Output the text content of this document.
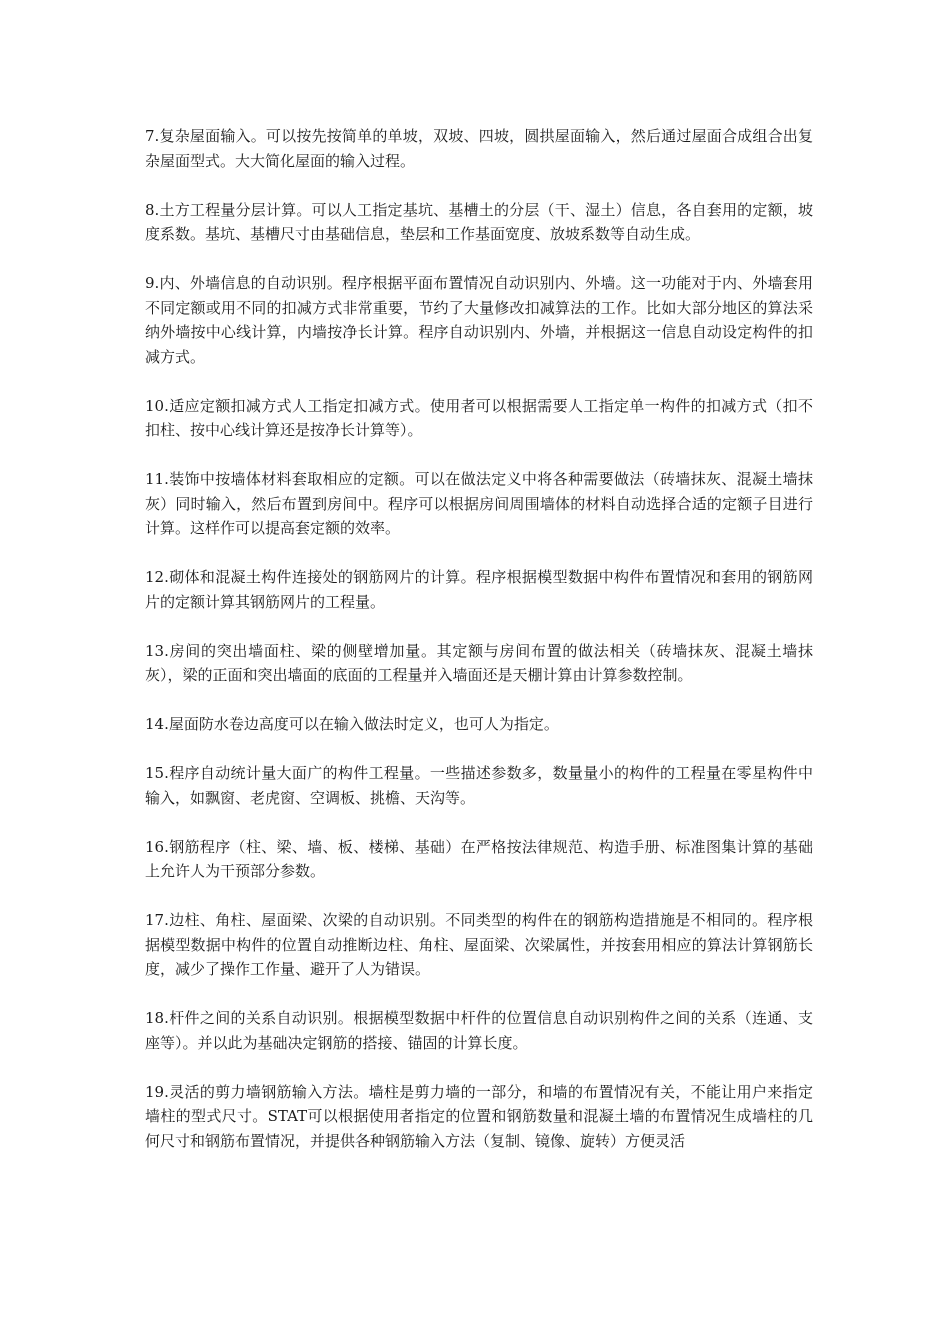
7.复杂屋面输入。可以按先按简单的单坡，双坡、四坡，圆拱屋面输入，然后通过屋面合成组合出复杂屋面型式。大大简化屋面的输入过程。

8.土方工程量分层计算。可以人工指定基坑、基槽土的分层（干、湿土）信息，各自套用的定额，坡度系数。基坑、基槽尺寸由基础信息，垫层和工作基面宽度、放坡系数等自动生成。

9.内、外墙信息的自动识别。程序根据平面布置情况自动识别内、外墙。这一功能对于内、外墙套用不同定额或用不同的扣减方式非常重要，节约了大量修改扣减算法的工作。比如大部分地区的算法采纳外墙按中心线计算，内墙按净长计算。程序自动识别内、外墙，并根据这一信息自动设定构件的扣减方式。

10.适应定额扣减方式人工指定扣减方式。使用者可以根据需要人工指定单一构件的扣减方式（扣不扣柱、按中心线计算还是按净长计算等）。

11.装饰中按墙体材料套取相应的定额。可以在做法定义中将各种需要做法（砖墙抹灰、混凝土墙抹灰）同时输入，然后布置到房间中。程序可以根据房间周围墙体的材料自动选择合适的定额子目进行计算。这样作可以提高套定额的效率。

12.砌体和混凝土构件连接处的钢筋网片的计算。程序根据模型数据中构件布置情况和套用的钢筋网片的定额计算其钢筋网片的工程量。

13.房间的突出墙面柱、梁的侧壁增加量。其定额与房间布置的做法相关（砖墙抹灰、混凝土墙抹灰），梁的正面和突出墙面的底面的工程量并入墙面还是天棚计算由计算参数控制。

14.屋面防水卷边高度可以在输入做法时定义，也可人为指定。

15.程序自动统计量大面广的构件工程量。一些描述参数多，数量量小的构件的工程量在零星构件中输入，如飘窗、老虎窗、空调板、挑檐、天沟等。

16.钢筋程序（柱、梁、墙、板、楼梯、基础）在严格按法律规范、构造手册、标准图集计算的基础上允许人为干预部分参数。

17.边柱、角柱、屋面梁、次梁的自动识别。不同类型的构件在的钢筋构造措施是不相同的。程序根据模型数据中构件的位置自动推断边柱、角柱、屋面梁、次梁属性，并按套用相应的算法计算钢筋长度，减少了操作工作量、避开了人为错误。

18.杆件之间的关系自动识别。根据模型数据中杆件的位置信息自动识别构件之间的关系（连通、支座等）。并以此为基础决定钢筋的搭接、锚固的计算长度。

19.灵活的剪力墙钢筋输入方法。墙柱是剪力墙的一部分，和墙的布置情况有关，不能让用户来指定墙柱的型式尺寸。STAT可以根据使用者指定的位置和钢筋数量和混凝土墙的布置情况生成墙柱的几何尺寸和钢筋布置情况，并提供各种钢筋输入方法（复制、镜像、旋转）方便灵活
